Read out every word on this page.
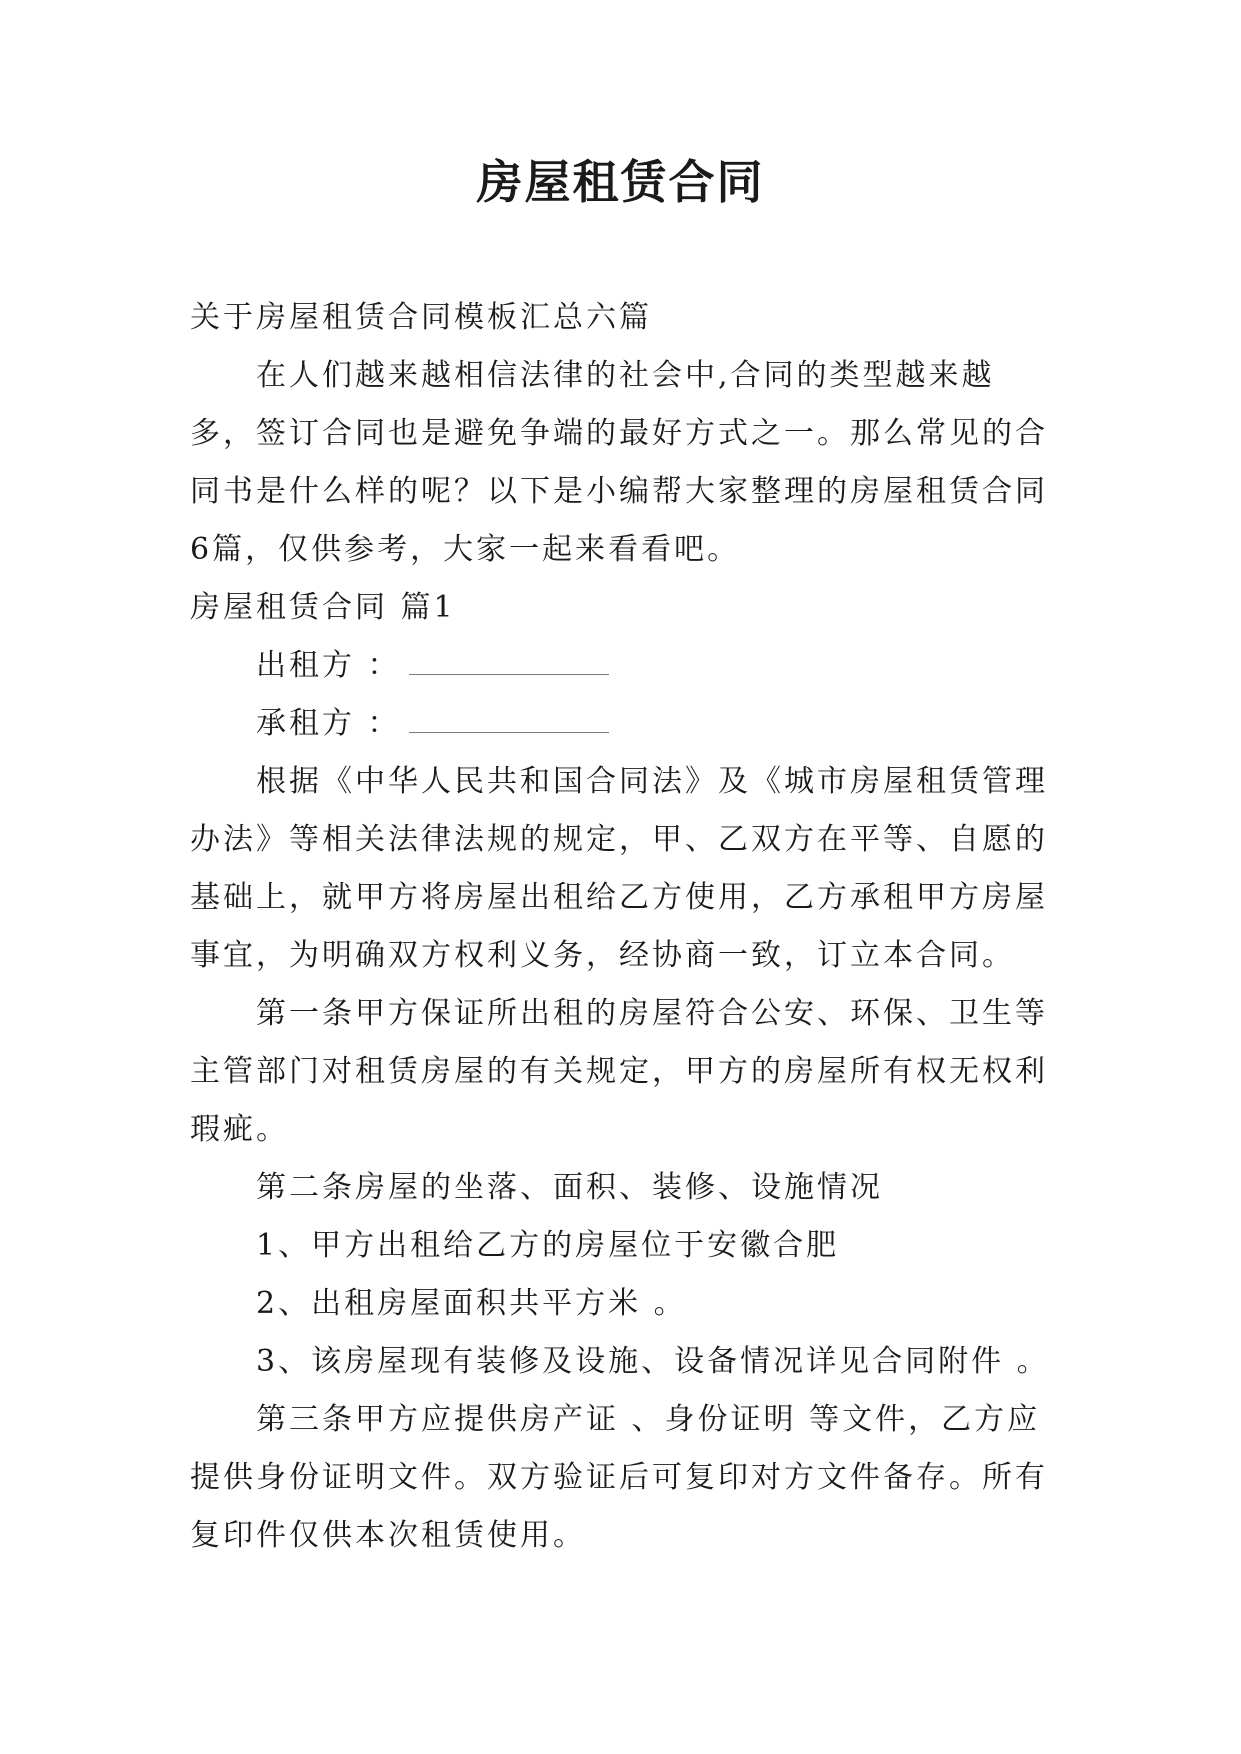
房屋租赁合同

关于房屋租赁合同模板汇总六篇

在人们越来越相信法律的社会中,合同的类型越来越多，签订合同也是避免争端的最好方式之一。那么常见的合同书是什么样的呢？以下是小编帮大家整理的房屋租赁合同6篇，仅供参考，大家一起来看看吧。

房屋租赁合同 篇1

出租方 ：

承租方 ：

根据《中华人民共和国合同法》及《城市房屋租赁管理办法》等相关法律法规的规定，甲、乙双方在平等、自愿的基础上，就甲方将房屋出租给乙方使用，乙方承租甲方房屋事宜，为明确双方权利义务，经协商一致，订立本合同。

第一条甲方保证所出租的房屋符合公安、环保、卫生等主管部门对租赁房屋的有关规定，甲方的房屋所有权无权利瑕疵。

第二条房屋的坐落、面积、装修、设施情况

1、甲方出租给乙方的房屋位于安徽合肥

2、出租房屋面积共平方米 。

3、该房屋现有装修及设施、设备情况详见合同附件 。

第三条甲方应提供房产证 、身份证明 等文件，乙方应提供身份证明文件。双方验证后可复印对方文件备存。所有复印件仅供本次租赁使用。
